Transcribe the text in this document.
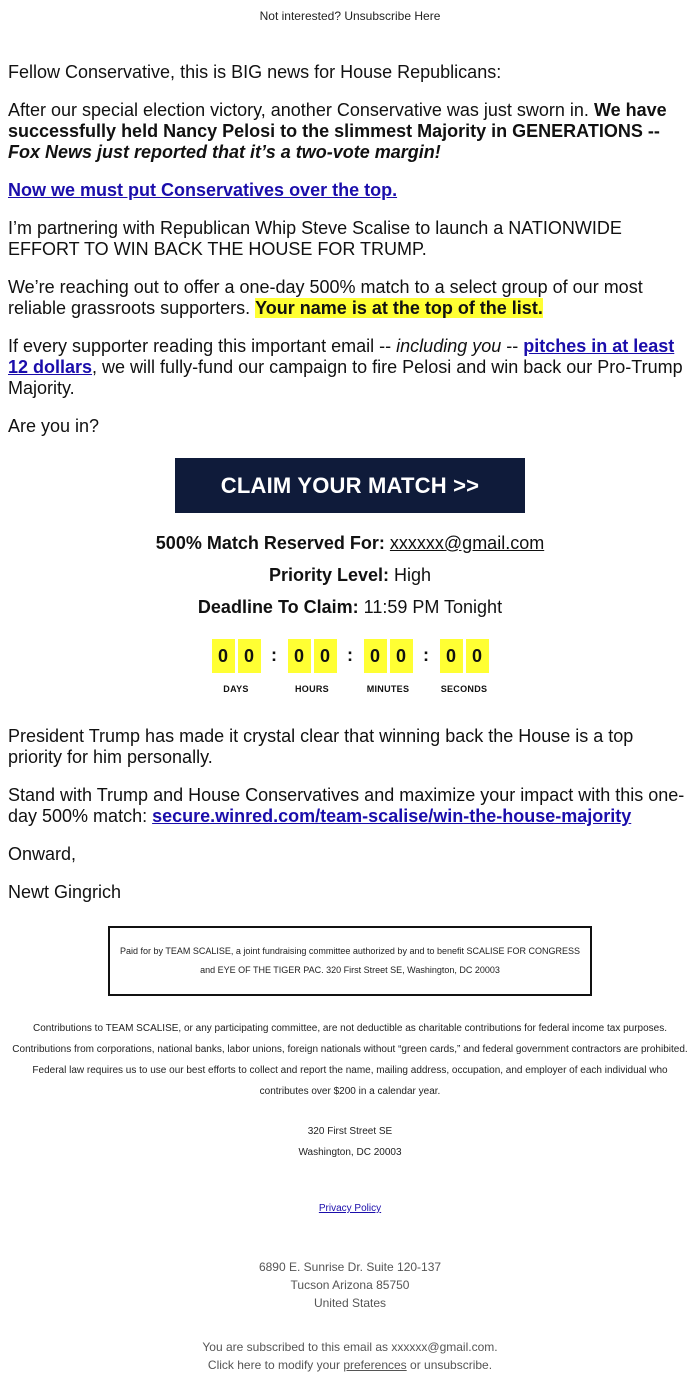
Not interested? Unsubscribe Here

Fellow Conservative, this is BIG news for House Republicans:

After our special election victory, another Conservative was just sworn in. We have successfully held Nancy Pelosi to the slimmest Majority in GENERATIONS -- Fox News just reported that it’s a two-vote margin!

Now we must put Conservatives over the top.

I’m partnering with Republican Whip Steve Scalise to launch a NATIONWIDE EFFORT TO WIN BACK THE HOUSE FOR TRUMP.

We’re reaching out to offer a one-day 500% match to a select group of our most reliable grassroots supporters. Your name is at the top of the list.

If every supporter reading this important email -- including you -- pitches in at least 12 dollars, we will fully-fund our campaign to fire Pelosi and win back our Pro-Trump Majority.

Are you in?

CLAIM YOUR MATCH >>
500% Match Reserved For: xxxxxx@gmail.com
Priority Level: High
Deadline To Claim: 11:59 PM Tonight
0 0
DAYS
: 0 0
HOURS
: 0 0
MINUTES
: 0 0
SECONDS

President Trump has made it crystal clear that winning back the House is a top priority for him personally.

Stand with Trump and House Conservatives and maximize your impact with this one-day 500% match: secure.winred.com/team-scalise/win-the-house-majority

Onward,

Newt Gingrich

Paid for by TEAM SCALISE, a joint fundraising committee authorized by and to benefit SCALISE FOR CONGRESS and EYE OF THE TIGER PAC. 320 First Street SE, Washington, DC 20003
Contributions to TEAM SCALISE, or any participating committee, are not deductible as charitable contributions for federal income tax purposes. Contributions from corporations, national banks, labor unions, foreign nationals without “green cards,” and federal government contractors are prohibited. Federal law requires us to use our best efforts to collect and report the name, mailing address, occupation, and employer of each individual who contributes over $200 in a calendar year.
320 First Street SE
Washington, DC 20003
Privacy Policy
6890 E. Sunrise Dr. Suite 120-137
Tucson Arizona 85750
United States
You are subscribed to this email as xxxxxx@gmail.com.
Click here to modify your preferences or unsubscribe.
